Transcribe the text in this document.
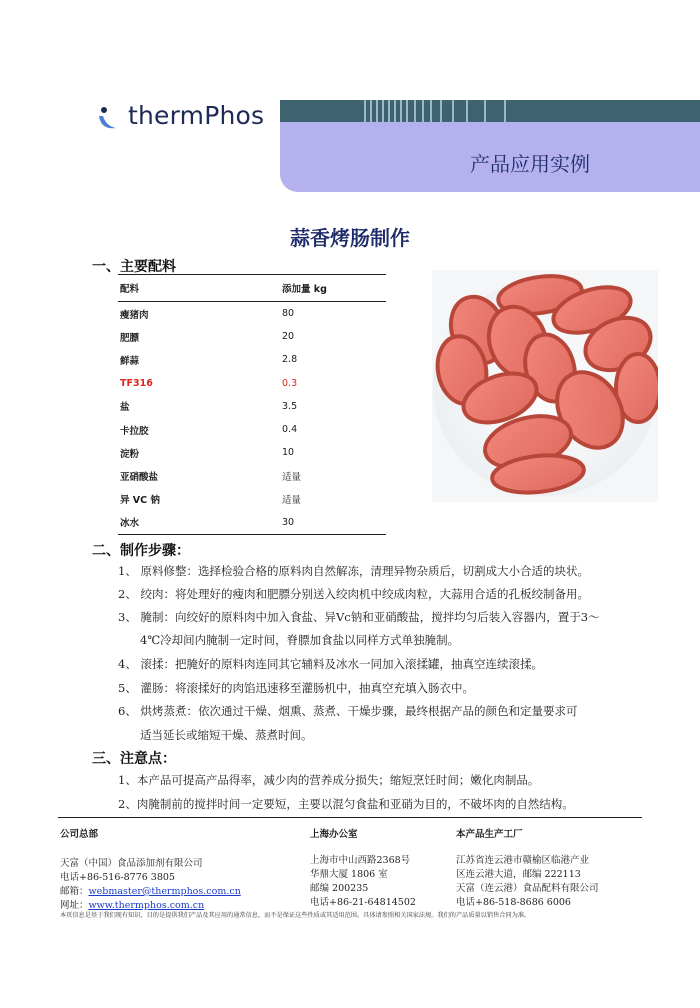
thermPhos
产品应用实例
蒜香烤肠制作
一、主要配料
配料	添加量 kg
瘦猪肉	80
肥膘	20
鲜蒜	2.8
TF316	0.3
盐	3.5
卡拉胶	0.4
淀粉	10
亚硝酸盐	适量
异 VC 钠	适量
冰水	30
二、制作步骤：
1、 原料修整：选择检验合格的原料肉自然解冻，清理异物杂质后，切割成大小合适的块状。
2、 绞肉：将处理好的瘦肉和肥膘分别送入绞肉机中绞成肉粒，大蒜用合适的孔板绞制备用。
3、 腌制：向绞好的原料肉中加入食盐、异Vc钠和亚硝酸盐，搅拌均匀后装入容器内，置于3～
4℃冷却间内腌制一定时间，脊膘加食盐以同样方式单独腌制。
4、 滚揉：把腌好的原料肉连同其它辅料及冰水一同加入滚揉罐，抽真空连续滚揉。
5、 灌肠：将滚揉好的肉馅迅速移至灌肠机中，抽真空充填入肠衣中。
6、 烘烤蒸煮：依次通过干燥、烟熏、蒸煮、干燥步骤，最终根据产品的颜色和定量要求可
适当延长或缩短干燥、蒸煮时间。
三、注意点：
1、本产品可提高产品得率，减少肉的营养成分损失；缩短烹饪时间；嫩化肉制品。
2、肉腌制前的搅拌时间一定要短，主要以混匀食盐和亚硝为目的，不破坏肉的自然结构。
公司总部
天富（中国）食品添加剂有限公司
电话+86-516-8776 3805
邮箱：webmaster@thermphos.com.cn
网址：www.thermphos.com.cn
上海办公室
上海市中山西路2368号
华鼎大厦 1806 室
邮编 200235
电话+86-21-64814502
本产品生产工厂
江苏省连云港市赣榆区临港产业
区连云港大道，邮编 222113
天富（连云港）食品配料有限公司
电话+86-518-8686 6006
本页信息是基于我们现有知识，目的是提供我们产品及其应用的通常信息，而不是保证这些性质或其适用范围。具体请参照相关国家法规。我们的产品质量以销售合同为准。
